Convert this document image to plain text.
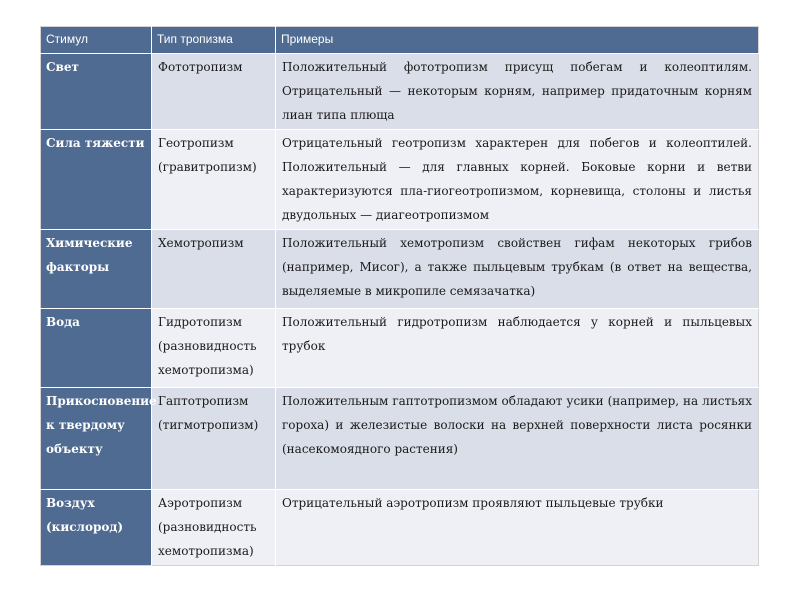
Стимул	Тип тропизма	Примеры
Свет	Фототропизм	Положительный фототропизм присущ побегам и колеоптилям. Отрицательный — некоторым корням, например придаточным корням лиан типа плюща
Сила тяжести	Геотропизм (гравитропизм)	Отрицательный геотропизм характерен для побегов и колеоптилей. Положительный — для главных корней. Боковые корни и ветви характеризуются пла-гиогеотропизмом, корневища, столоны и листья двудольных — диагеотропизмом
Химические факторы	Хемотропизм	Положительный хемотропизм свойствен гифам некоторых грибов (например, Мисог), а также пыльцевым трубкам (в ответ на вещества, выделяемые в микропиле семязачатка)
Вода	Гидротопизм (разновидность хемотропизма)	Положительный гидротропизм наблюдается у корней и пыльцевых трубок
Прикосновение к твердому объекту	Гаптотропизм (тигмотропизм)	Положительным гаптотропизмом обладают усики (например, на листьях гороха) и железистые волоски на верхней поверхности листа росянки (насекомоядного растения)
Воздух (кислород)	Аэротропизм (разновидность хемотропизма)	Отрицательный аэротропизм проявляют пыльцевые трубки
